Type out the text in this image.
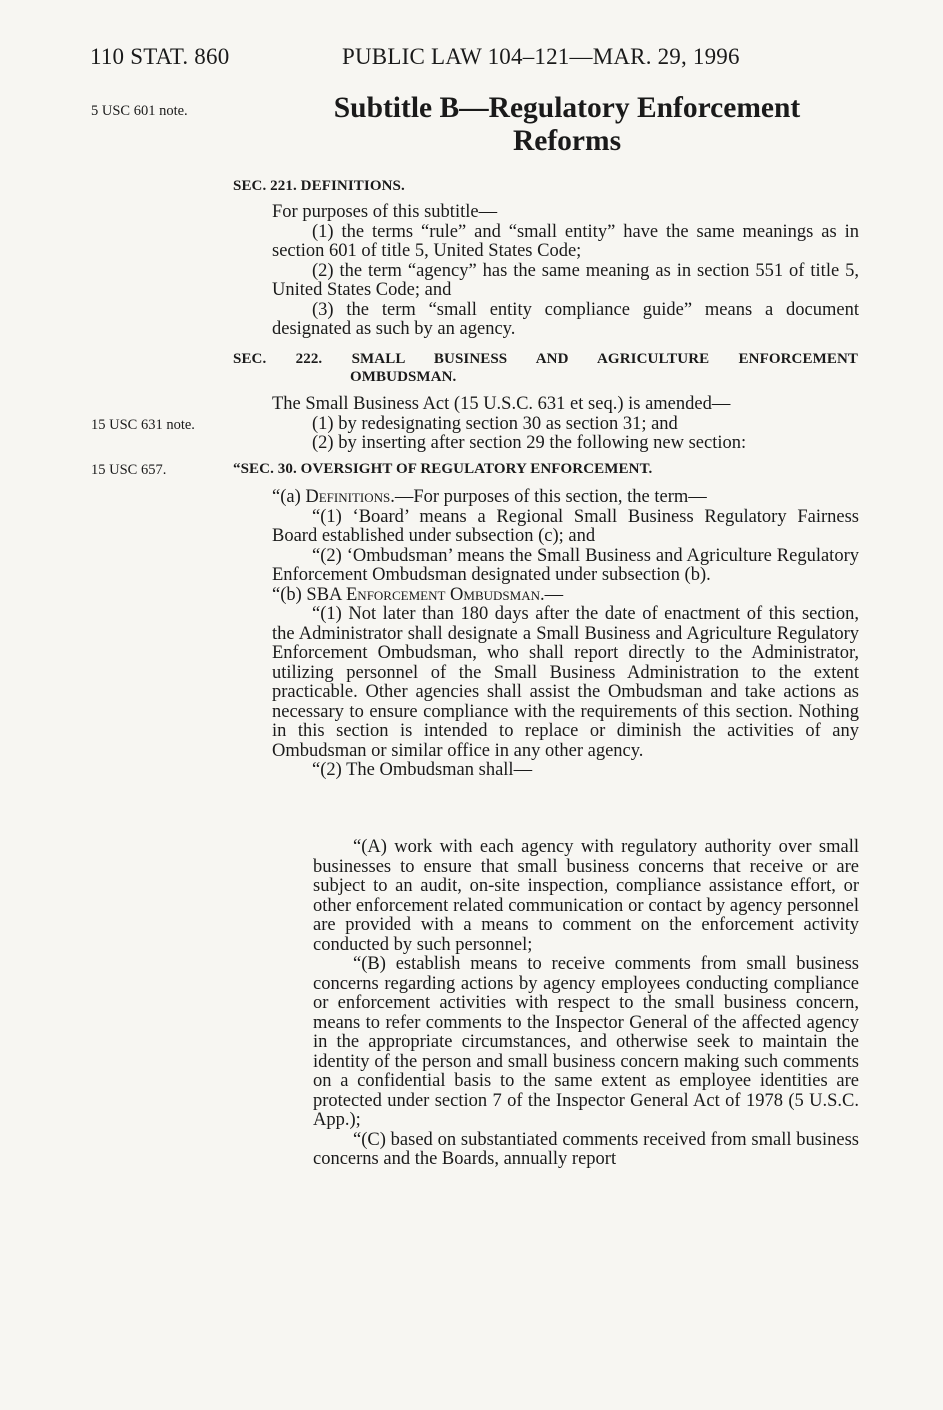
110 STAT. 860	PUBLIC LAW 104–121—MAR. 29, 1996
5 USC 601 note.	Subtitle B—Regulatory Enforcement
Reforms
SEC. 221. DEFINITIONS.

For purposes of this subtitle—

(1) the terms “rule” and “small entity” have the same meanings as in section 601 of title 5, United States Code;

(2) the term “agency” has the same meaning as in section 551 of title 5, United States Code; and

(3) the term “small entity compliance guide” means a document designated as such by an agency.

SEC. 222. SMALL BUSINESS AND AGRICULTURE ENFORCEMENT
OMBUDSMAN.
15 USC 631 note.

The Small Business Act (15 U.S.C. 631 et seq.) is amended—

(1) by redesignating section 30 as section 31; and

(2) by inserting after section 29 the following new section:

15 USC 657.	“SEC. 30. OVERSIGHT OF REGULATORY ENFORCEMENT.

“(a) Definitions.—For purposes of this section, the term—

“(1) ‘Board’ means a Regional Small Business Regulatory Fairness Board established under subsection (c); and

“(2) ‘Ombudsman’ means the Small Business and Agriculture Regulatory Enforcement Ombudsman designated under subsection (b).

“(b) SBA Enforcement Ombudsman.—

“(1) Not later than 180 days after the date of enactment of this section, the Administrator shall designate a Small Business and Agriculture Regulatory Enforcement Ombudsman, who shall report directly to the Administrator, utilizing personnel of the Small Business Administration to the extent practicable. Other agencies shall assist the Ombudsman and take actions as necessary to ensure compliance with the requirements of this section. Nothing in this section is intended to replace or diminish the activities of any Ombudsman or similar office in any other agency.

“(2) The Ombudsman shall—

“(A) work with each agency with regulatory authority over small businesses to ensure that small business concerns that receive or are subject to an audit, on-site inspection, compliance assistance effort, or other enforcement related communication or contact by agency personnel are provided with a means to comment on the enforcement activity conducted by such personnel;

“(B) establish means to receive comments from small business concerns regarding actions by agency employees conducting compliance or enforcement activities with respect to the small business concern, means to refer comments to the Inspector General of the affected agency in the appropriate circumstances, and otherwise seek to maintain the identity of the person and small business concern making such comments on a confidential basis to the same extent as employee identities are protected under section 7 of the Inspector General Act of 1978 (5 U.S.C. App.);

“(C) based on substantiated comments received from small business concerns and the Boards, annually report
